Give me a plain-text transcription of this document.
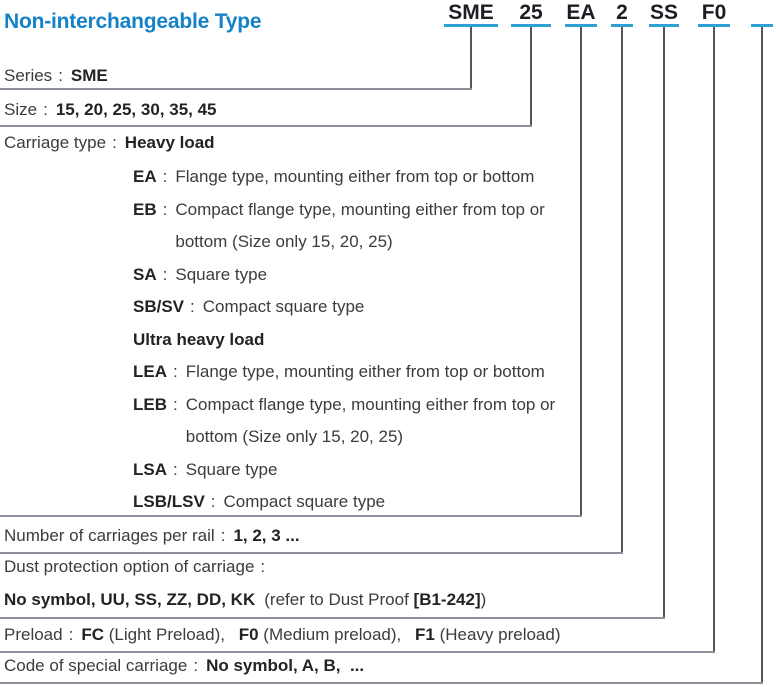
Non-interchangeable Type	SME 25 EA 2 SS F0
Series : SME
Size : 15, 20, 25, 30, 35, 45
Carriage type : Heavy load
EA : Flange type, mounting either from top or bottom
EB : Compact flange type, mounting either from top or bottom (Size only 15, 20, 25)
SA : Square type
SB/SV : Compact square type
Ultra heavy load
LEA : Flange type, mounting either from top or bottom
LEB : Compact flange type, mounting either from top or bottom (Size only 15, 20, 25)
LSA : Square type
LSB/LSV : Compact square type
Number of carriages per rail : 1, 2, 3 ...
Dust protection option of carriage :
No symbol, UU, SS, ZZ, DD, KK (refer to Dust Proof [B1-242])
Preload : FC (Light Preload), F0 (Medium preload), F1 (Heavy preload)
Code of special carriage : No symbol, A, B,  ...
